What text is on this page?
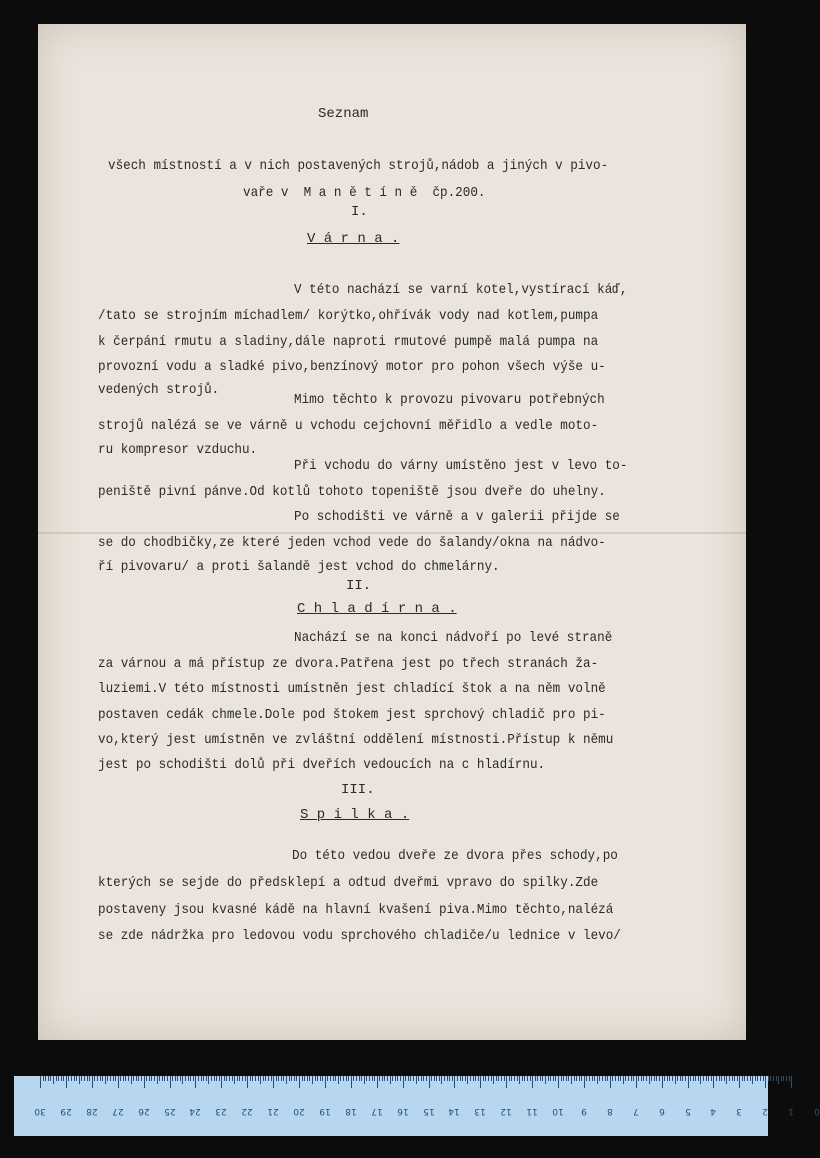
Seznam

všech místností a v nich postavených strojů,nádob a jiných v pivo-

vaře v  M a n ě t í n ě  čp.200.

I.

V á r n a .

V této nachází se varní kotel,vystírací káď,

/tato se strojním míchadlem/ korýtko,ohřívák vody nad kotlem,pumpa

k čerpání rmutu a sladiny,dále naproti rmutové pumpě malá pumpa na

provozní vodu a sladké pivo,benzínový motor pro pohon všech výše u-

vedených strojů.

Mimo těchto k provozu pivovaru potřebných

strojů nalézá se ve várně u vchodu cejchovní měřidlo a vedle moto-

ru kompresor vzduchu.

Při vchodu do várny umístěno jest v levo to-

peniště pivní pánve.Od kotlů tohoto topeniště jsou dveře do uhelny.

Po schodišti ve várně a v galerii přijde se

se do chodbičky,ze které jeden vchod vede do šalandy/okna na nádvo-

ří pivovaru/ a proti šalandě jest vchod do chmelárny.

II.

C h l a d í r n a .

Nachází se na konci nádvoří po levé straně

za várnou a má přístup ze dvora.Patřena jest po třech stranách ža-

luziemi.V této místnosti umístněn jest chladící štok a na něm volně

postaven cedák chmele.Dole pod štokem jest sprchový chladič pro pi-

vo,který jest umístněn ve zvláštní oddělení místnosti.Přístup k němu

jest po schodišti dolů při dveřích vedoucích na c hladírnu.

III.

S p i l k a .

Do této vedou dveře ze dvora přes schody,po

kterých se sejde do předsklepí a odtud dveřmi vpravo do spilky.Zde

postaveny jsou kvasné kádě na hlavní kvašení piva.Mimo těchto,nalézá

se zde nádržka pro ledovou vodu sprchového chladiče/u lednice v levo/

30 29 28 27 26 25 24 23 22 21 20 19 18 17 16 15 14 13 12 11 10 9 8 7 6 5 4 3 2 1 0
